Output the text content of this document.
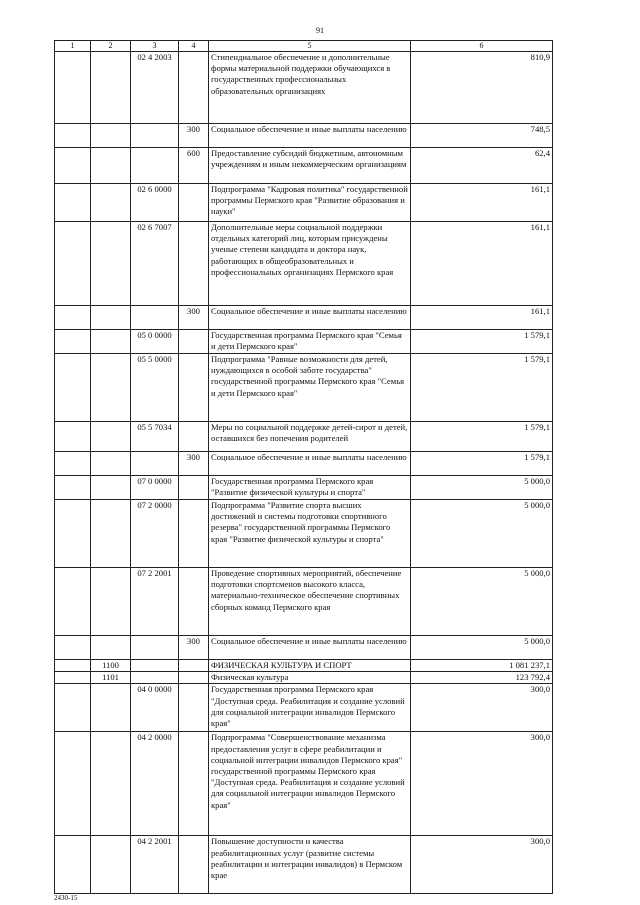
91
1	2	3	4	5	6
		02 4 2003		Стипендиальное обеспечение и дополнительные формы материальной поддержки обучающихся в государственных профессиональных образовательных организациях	810,9
			300	Социальное обеспечение и иные выплаты населению	748,5
			600	Предоставление субсидий бюджетным, автономным учреждениям и иным некоммерческим организациям	62,4
		02 6 0000		Подпрограмма "Кадровая политика" государственной программы Пермского края "Развитие образования и науки"	161,1
		02 6 7007		Дополнительные меры социальной поддержки отдельных категорий лиц, которым присуждены ученые степени кандидата и доктора наук, работающих в общеобразовательных и профессиональных организациях Пермского края	161,1
			300	Социальное обеспечение и иные выплаты населению	161,1
		05 0 0000		Государственная программа Пермского края "Семья и дети Пермского края"	1 579,1
		05 5 0000		Подпрограмма "Равные возможности для детей, нуждающихся в особой заботе государства" государственной программы Пермского края "Семья и дети Пермского края"	1 579,1
		05 5 7034		Меры по социальной поддержке детей-сирот и детей, оставшихся без попечения родителей	1 579,1
			300	Социальное обеспечение и иные выплаты населению	1 579,1
		07 0 0000		Государственная программа Пермского края "Развитие физической культуры и спорта"	5 000,0
		07 2 0000		Подпрограмма "Развитие спорта высших достижений и системы подготовки спортивного резерва" государственной программы Пермского края "Развитие физической культуры и спорта"	5 000,0
		07 2 2001		Проведение спортивных мероприятий, обеспечение подготовки спортсменов высокого класса, материально-техническое обеспечение спортивных сборных команд Пермского края	5 000,0
			300	Социальное обеспечение и иные выплаты населению	5 000,0
	1100			ФИЗИЧЕСКАЯ КУЛЬТУРА И СПОРТ	1 081 237,1
	1101			Физическая культура	123 792,4
		04 0 0000		Государственная программа Пермского края "Доступная среда. Реабилитация и создание условий для социальной интеграции инвалидов Пермского края"	300,0
		04 2 0000		Подпрограмма "Совершенствование механизма предоставления услуг в сфере реабилитации и социальной интеграции инвалидов Пермского края" государственной программы Пермского края "Доступная среда. Реабилитация и создание условий для социальной интеграции инвалидов Пермского края"	300,0
		04 2 2001		Повышение доступности и качества реабилитационных услуг (развитие системы реабилитации и интеграции инвалидов) в Пермском крае	300,0
2430-15
